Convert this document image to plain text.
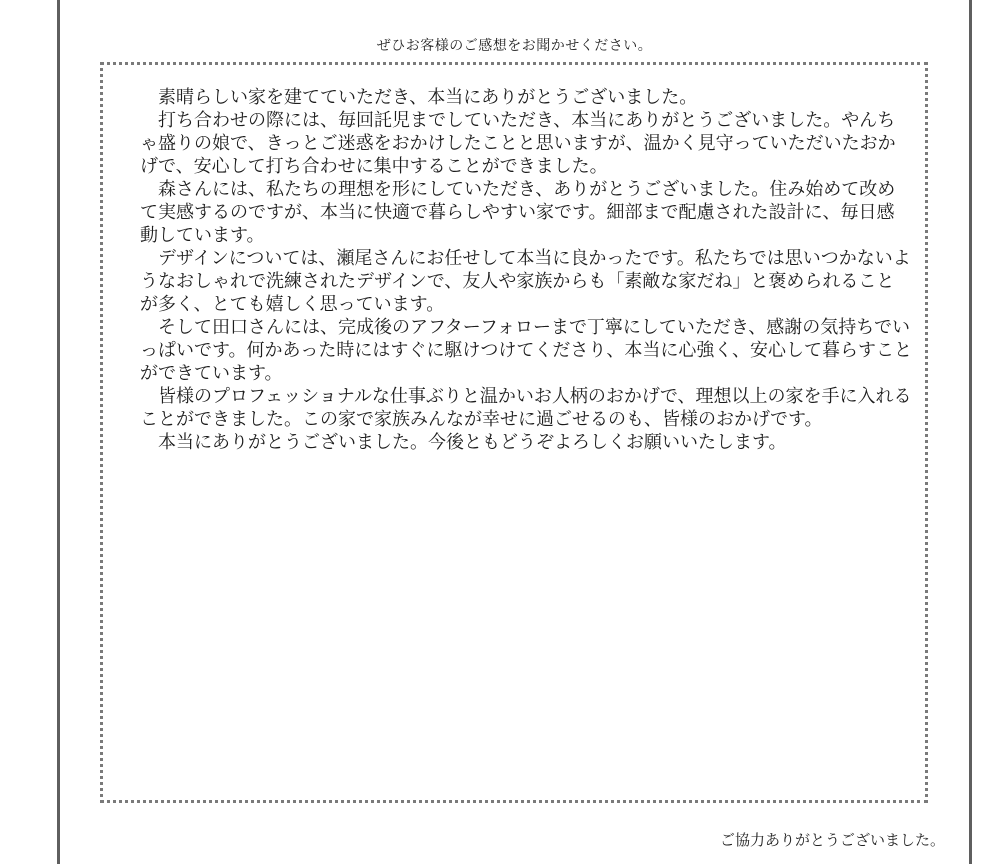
ぜひお客様のご感想をお聞かせください。

素晴らしい家を建てていただき、本当にありがとうございました。

打ち合わせの際には、毎回託児までしていただき、本当にありがとうございました。やんちゃ盛りの娘で、きっとご迷惑をおかけしたことと思いますが、温かく見守っていただいたおかげで、安心して打ち合わせに集中することができました。

森さんには、私たちの理想を形にしていただき、ありがとうございました。住み始めて改めて実感するのですが、本当に快適で暮らしやすい家です。細部まで配慮された設計に、毎日感動しています。

デザインについては、瀬尾さんにお任せして本当に良かったです。私たちでは思いつかないようなおしゃれで洗練されたデザインで、友人や家族からも「素敵な家だね」と褒められることが多く、とても嬉しく思っています。

そして田口さんには、完成後のアフターフォローまで丁寧にしていただき、感謝の気持ちでいっぱいです。何かあった時にはすぐに駆けつけてくださり、本当に心強く、安心して暮らすことができています。

皆様のプロフェッショナルな仕事ぶりと温かいお人柄のおかげで、理想以上の家を手に入れることができました。この家で家族みんなが幸せに過ごせるのも、皆様のおかげです。

本当にありがとうございました。今後ともどうぞよろしくお願いいたします。

ご協力ありがとうございました。
